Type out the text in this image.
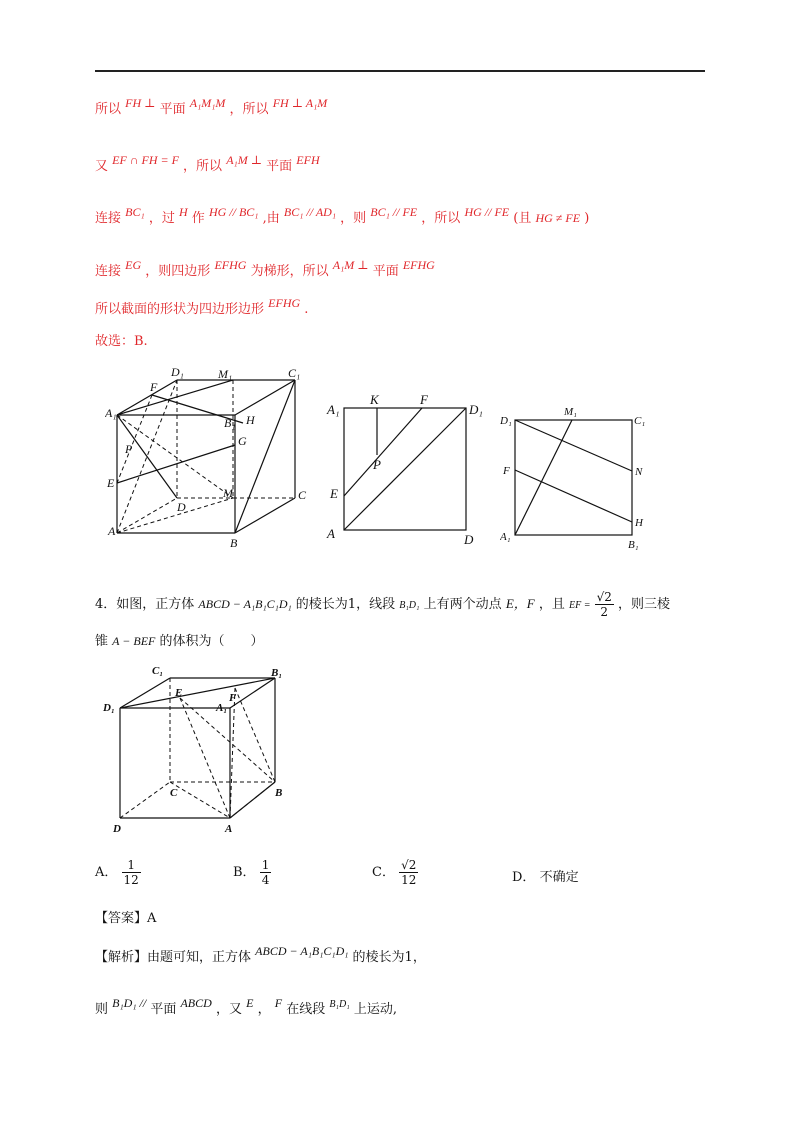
所以 FH ⊥ 平面 A₁M₁M ，所以 FH ⊥ A₁M
又 EF ∩ FH = F ，所以 A₁M ⊥ 平面 EFH
连接 BC₁ ，过 H 作 HG // BC₁ ,由 BC₁ // AD₁ ，则 BC₁ // FE ，所以 HG // FE (且 HG ≠ FE )
连接 EG ，则四边形 EFHG 为梯形，所以 A₁M ⊥ 平面 EFHG
所以截面的形状为四边形边形 EFHG .
故选：B.
D₁	M₁	C₁
F
A₁
B₁ H
G
P
E
M
D
C
A
B
A₁
K	F
D₁
P
E
A	D
D₁
M₁
C₁
N
F
H
A₁
B₁
4．如图，正方体 ABCD − A₁B₁C₁D₁ 的棱长为1，线段 B₁D₁ 上有两个动点 E，F ，且 EF = $\frac{√2}{2}$ ，则三棱
锥 A − BEF 的体积为（　　）
C₁	B₁
E	F
D₁	A₁
C	B
D	A
A． $\frac{1}{12}$	B． $\frac{1}{4}$	C． $\frac{√2}{12}$	D． 不确定
【答案】A
【解析】由题可知，正方体 ABCD − A₁B₁C₁D₁ 的棱长为1，
则 B₁D₁ // 平面 ABCD ，又 E ， F 在线段 $^{B_1D_1}$ 上运动,
